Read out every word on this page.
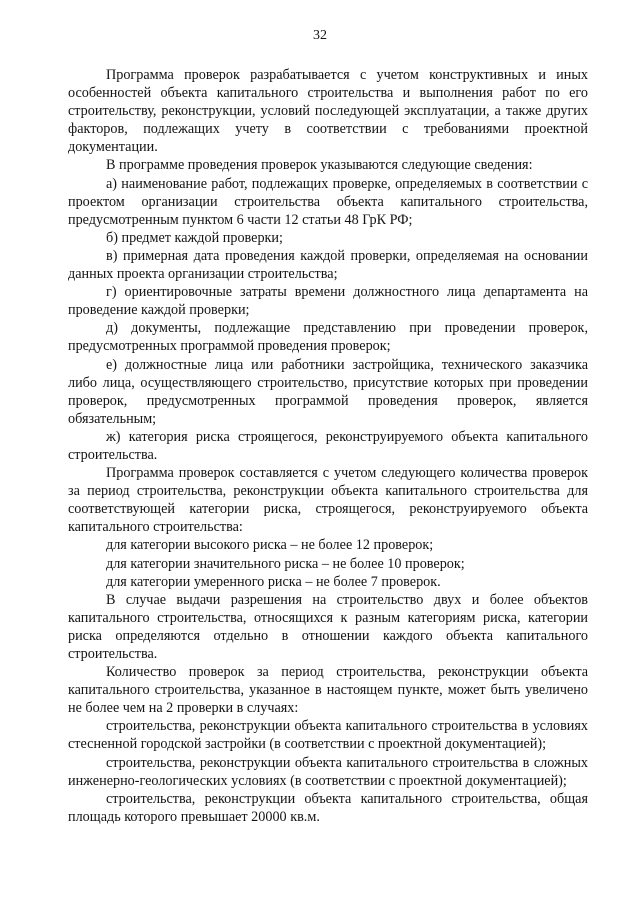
32

Программа проверок разрабатывается с учетом конструктивных и иных особенностей объекта капитального строительства и выполнения работ по его строительству, реконструкции, условий последующей эксплуатации, а также других факторов, подлежащих учету в соответствии с требованиями проектной документации.

В программе проведения проверок указываются следующие сведения:

а) наименование работ, подлежащих проверке, определяемых в соответствии с проектом организации строительства объекта капитального строительства, предусмотренным пунктом 6 части 12 статьи 48 ГрК РФ;

б) предмет каждой проверки;

в) примерная дата проведения каждой проверки, определяемая на основании данных проекта организации строительства;

г) ориентировочные затраты времени должностного лица департамента на проведение каждой проверки;

д) документы, подлежащие представлению при проведении проверок, предусмотренных программой проведения проверок;

е) должностные лица или работники застройщика, технического заказчика либо лица, осуществляющего строительство, присутствие которых при проведении проверок, предусмотренных программой проведения проверок, является обязательным;

ж) категория риска строящегося, реконструируемого объекта капитального строительства.

Программа проверок составляется с учетом следующего количества проверок за период строительства, реконструкции объекта капитального строительства для соответствующей категории риска, строящегося, реконструируемого объекта капитального строительства:

для категории высокого риска – не более 12 проверок;

для категории значительного риска – не более 10 проверок;

для категории умеренного риска – не более 7 проверок.

В случае выдачи разрешения на строительство двух и более объектов капитального строительства, относящихся к разным категориям риска, категории риска определяются отдельно в отношении каждого объекта капитального строительства.

Количество проверок за период строительства, реконструкции объекта капитального строительства, указанное в настоящем пункте, может быть увеличено не более чем на 2 проверки в случаях:

строительства, реконструкции объекта капитального строительства в условиях стесненной городской застройки (в соответствии с проектной документацией);

строительства, реконструкции объекта капитального строительства в сложных инженерно-геологических условиях (в соответствии с проектной документацией);

строительства, реконструкции объекта капитального строительства, общая площадь которого превышает 20000 кв.м.
